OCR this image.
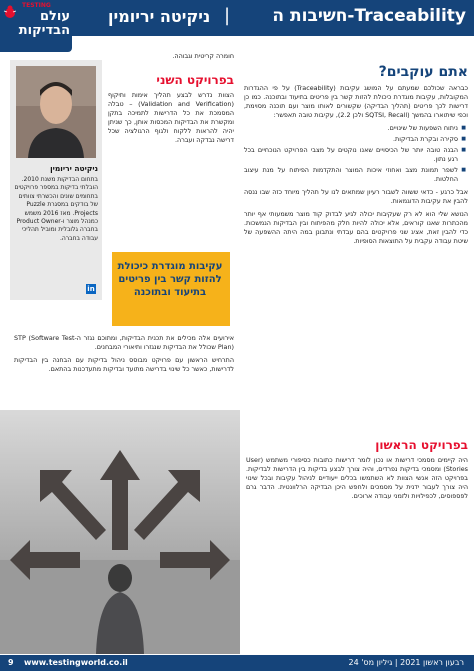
ניקיטה יריומין | חשיבות ה-Traceability
TESTING
עולם
הבדיקות
אתם עוקבים?

כבראה שכולכם שמעתם על המושג עקיבות (Traceability) על פי ההגדרות המקובלות, עקיבות מוגדרת כיכולת להזות קשר בין פריטים בתיעוד ובתוכנה. כמו כן דרישות לכך פריטים (תהליך הבדיקה) שקשורים לאותו מוצר ועם תוכנה מסוימת, וכפי שיתוארו בהמשך (SQTSI, Recall ולכן 2.2), עקיבות טובה תאפשר:

■ ניתוח השפעות של שינויים.
■ סקירה ובקרת הבדיקות.
■ הבנה טובה יותר של הכיסויים שאנו נוקטים על מצבי הפרויקט הנוכחיים בכל רגע נתון.
■ לשפר תמונת מצב ואחוזי איכות המוצר והתקדמות הפיתוח על מנת עיצוב החלטות.

אבל כרגע - כדאי ששווה לשבור רעיון שמתאים לנו על תהליך מיוחד כזה שבו ננסה להבין את עקיבות הדוגמאות.

הנושא שלי הוא לא רק שעקיבות יכולה לגיע לבדוק קוד מוצר משמעותי אף יותר מהכתרות שאנו קוראים, אלא יכולה להיות חלק מהפיתוח ובין הבדיקות הנמשכות. כדי להבין זאת, אציג שני פרויקטים בהם עבדתי ונתבונן במה היתה ההשפעה של שיטת עבודה עקבית על התוצאות הסופיות.

בפרויקט הראשון

היה קיימים מסמכי דרישות או נכון לומר דרישות כתובות כסיפורי משתמש (User Stories) ומסמכי בדיקות נפרדים, והיה צורך לבצע בדיקות בין הדרישות לבדיקות. בפרויקט הזה אנשי הצוות לא השתמשו בכלים ייעודיים לניהול עקיבות ובכל שינוי היה צורך לעבור ידנית על מסמכים ולחפש היכן הבדיקה הרלוונטית. הדבר גרם לפספוסים, לכפילויות ולזמני עבודה ארוכים.

חומרה קריטית וגבוהה.

בפרויקט השני

הצוות נדרש לבצע תהליך אימות ותיקוף (Validation and Verification) – טבלה המסמכת את כל הדרישות לתמיכה בתקן ומקשרת את הבדיקות המכסות אותן, כך שניתן יהיה להראות ללקוח ולגוף הרגולציה שכל דרישה נבדקה ועברה.

עקיבות מוגדרת כיכולת להזות קשר בין פריטים בתיעוד ובתוכנה

אירועים אלה מכילים את תכנית הבדיקות, ומתוכם נגזר ה-STP (Software Test Plan) שכולל את הבדיקות שנגזרו ותיאורי המבחנים.

התרחיש הראשון עם פרויקט מבוסס ניהול בדיקות עם הבחנה בין הבדיקות לדרישות, כאשר כל שינוי בדרישה מתועד ובדיקות מתעדכנות בהתאם.

ניקיטה יריומין
בתחום הבדיקות משנת 2010. הובלתי בדיקות במספר פרויקטים בתחומים שונים והכשרתי צוותים של בודקים במסגרת Puzzle Projects. מאז 2016 משמש כמנהל מוצר ו-Product Owner בחברה גלובלית ומוביל תהליכי עבודה בחברה.
in
9 www.testingworld.co.il	רבעון ראשון 2021 | גיליון מס' 24
